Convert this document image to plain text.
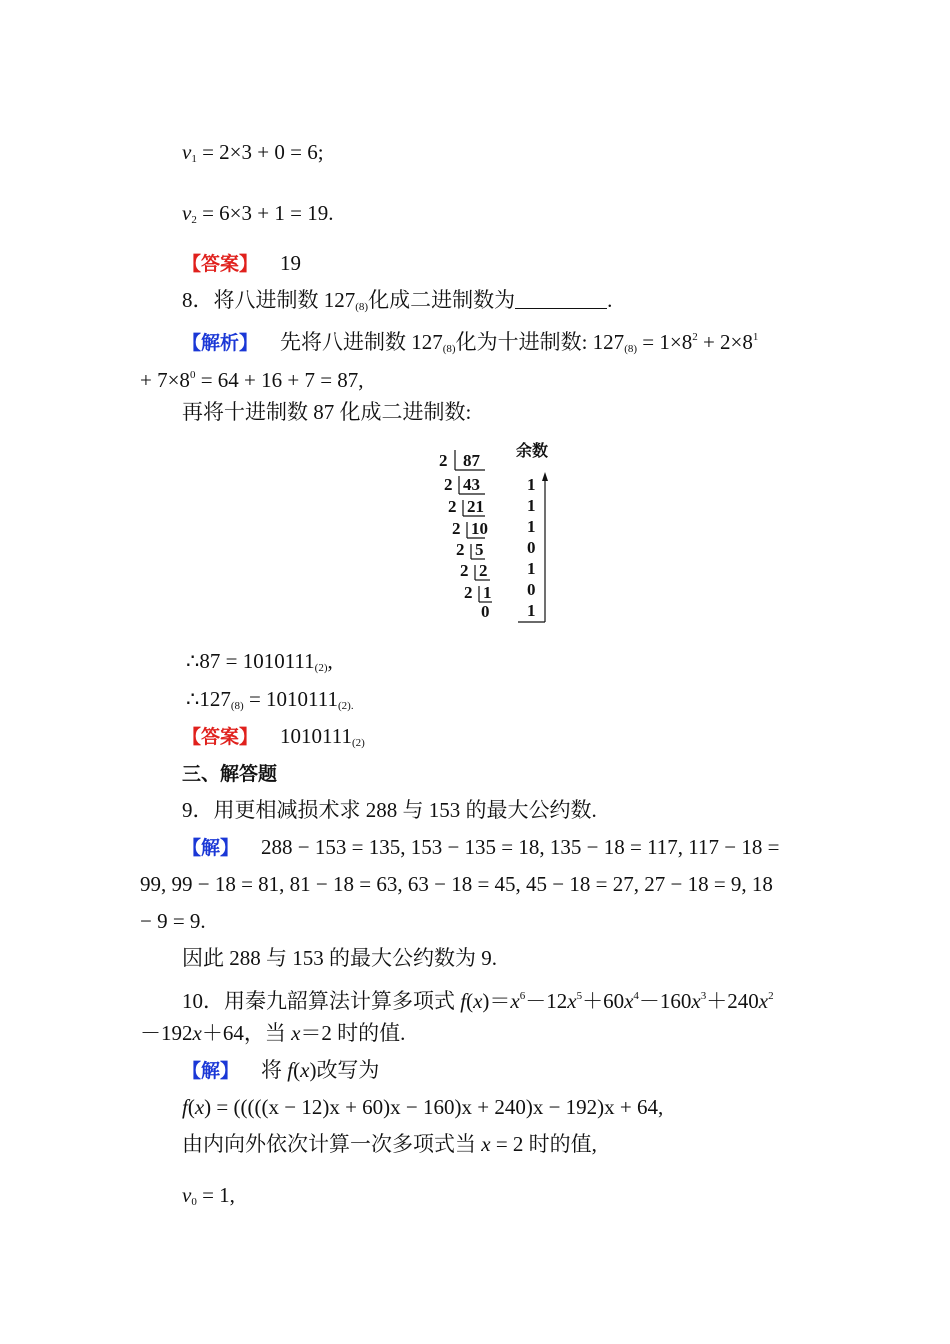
$v_1 = 2\times 3 + 0 = 6$;
$v_2 = 6\times 3 + 1 = 19$.
【答案】 19
8．将八进制数 $127_{(8)}$化成二进制数为	.
【解析】 先将八进制数 $127_{(8)}$化为十进制数: $127_{(8)} = 1\times 8^2 + 2\times 8^1$
+ $7\times 8^0 = 64 + 16 + 7 = 87$,
再将十进制数 87 化成二进制数:
余数
2 87
2 43
2 21
2 10
2 5
2 2
2 1
0
1
1
1
0
1
0
1
∴87 = $1010111_{(2)}$,
$\therefore 127_{(8)} = 1010111_{(2).}$
【答案】 $1010111_{(2)}$
三、解答题
9．用更相减损术求 288 与 153 的最大公约数.
【解】 288 − 153 = 135, 153 − 135 = 18, 135 − 18 = 117, 117 − 18 =
99, 99 − 18 = 81, 81 − 18 = 63, 63 − 18 = 45, 45 − 18 = 27, 27 − 18 = 9, 18
− 9 = 9.
因此 288 与 153 的最大公约数为 9.
10．用秦九韶算法计算多项式 $f(x)=x^6-12x^5+60x^4-160x^3+240x^2$
－192x＋64，当 x＝2 时的值.
【解】 将 f(x)改写为
f(x) = (((((x − 12)x + 60)x − 160)x + 240)x − 192)x + 64,
由内向外依次计算一次多项式当 x = 2 时的值,
$v_0 = 1$,
